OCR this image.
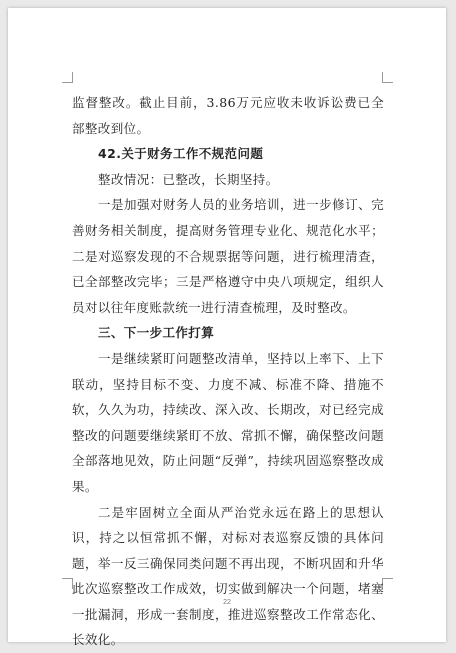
监督整改。截止目前，3.86万元应收未收诉讼费已全部整改到位。

42.关于财务工作不规范问题

整改情况：已整改，长期坚持。

一是加强对财务人员的业务培训，进一步修订、完善财务相关制度，提高财务管理专业化、规范化水平；二是对巡察发现的不合规票据等问题，进行梳理清查，已全部整改完毕；三是严格遵守中央八项规定，组织人员对以往年度账款统一进行清查梳理，及时整改。

三、下一步工作打算

一是继续紧盯问题整改清单，坚持以上率下、上下联动，坚持目标不变、力度不减、标准不降、措施不软，久久为功，持续改、深入改、长期改，对已经完成整改的问题要继续紧盯不放、常抓不懈，确保整改问题全部落地见效，防止问题“反弹”，持续巩固巡察整改成果。

二是牢固树立全面从严治党永远在路上的思想认识，持之以恒常抓不懈，对标对表巡察反馈的具体问题，举一反三确保同类问题不再出现，不断巩固和升华此次巡察整改工作成效，切实做到解决一个问题，堵塞一批漏洞，形成一套制度，推进巡察整改工作常态化、长效化。

22
